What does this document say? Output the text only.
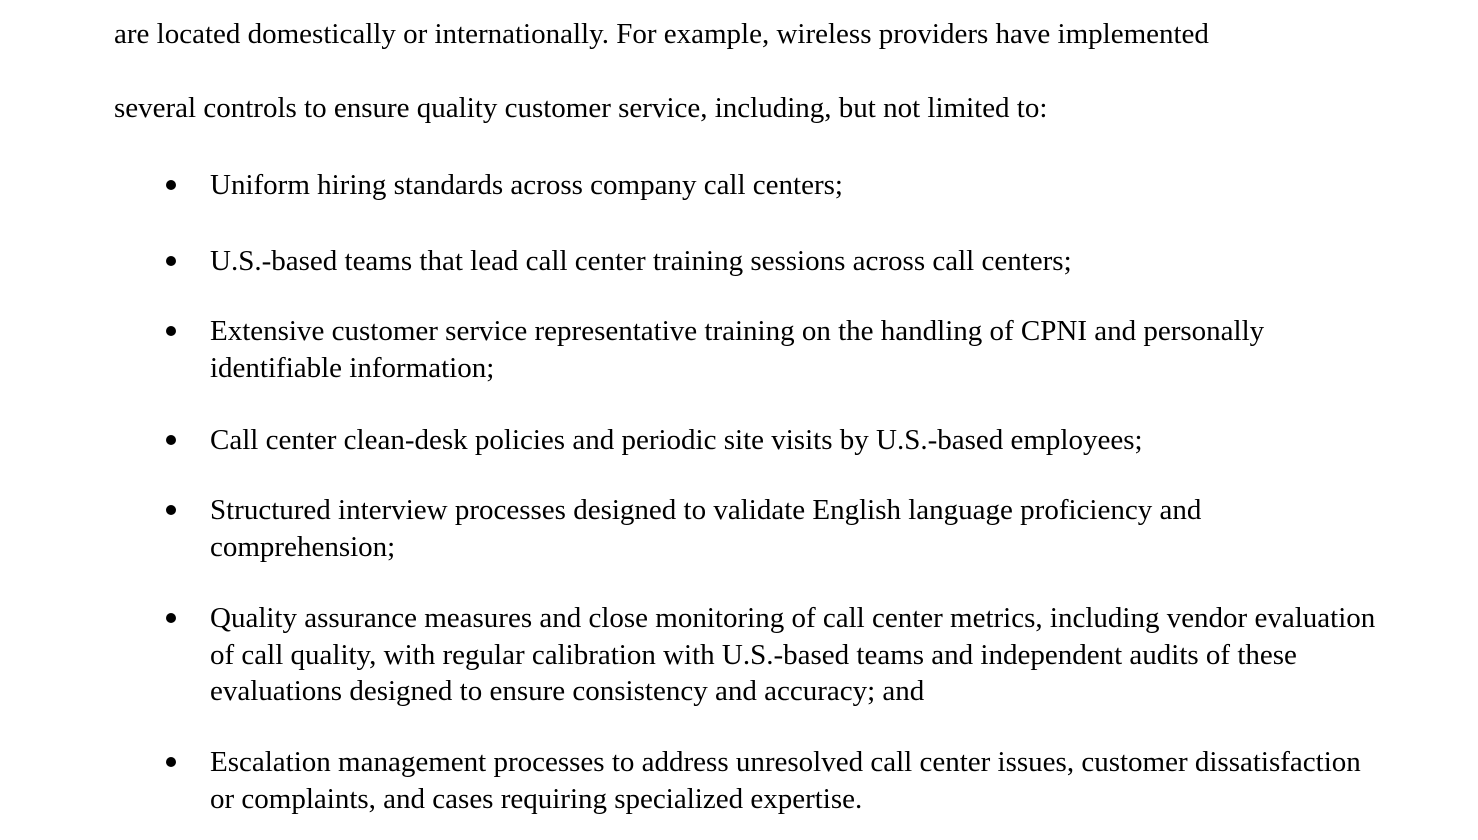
are located domestically or internationally. For example, wireless providers have implemented
several controls to ensure quality customer service, including, but not limited to:
Uniform hiring standards across company call centers;
U.S.-based teams that lead call center training sessions across call centers;
Extensive customer service representative training on the handling of CPNI and personally identifiable information;
Call center clean-desk policies and periodic site visits by U.S.-based employees;
Structured interview processes designed to validate English language proficiency and comprehension;
Quality assurance measures and close monitoring of call center metrics, including vendor evaluation of call quality, with regular calibration with U.S.-based teams and independent audits of these evaluations designed to ensure consistency and accuracy; and
Escalation management processes to address unresolved call center issues, customer dissatisfaction or complaints, and cases requiring specialized expertise.
